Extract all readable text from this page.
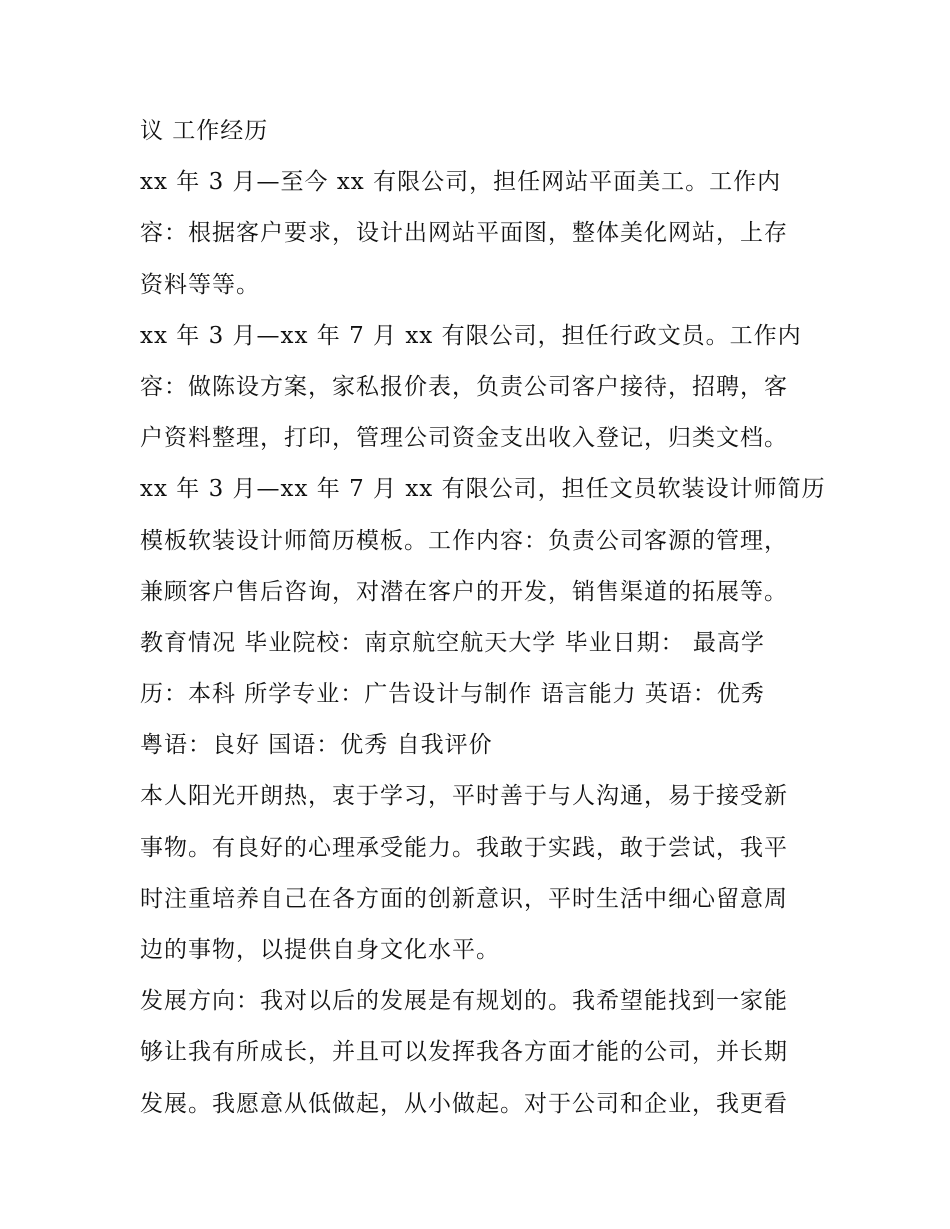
议 工作经历
xx 年 3 月—至今 xx 有限公司，担任网站平面美工。工作内
容：根据客户要求，设计出网站平面图，整体美化网站，上存
资料等等。
xx 年 3 月—xx 年 7 月 xx 有限公司，担任行政文员。工作内
容：做陈设方案，家私报价表，负责公司客户接待，招聘，客
户资料整理，打印，管理公司资金支出收入登记，归类文档。
xx 年 3 月—xx 年 7 月 xx 有限公司，担任文员软装设计师简历
模板软装设计师简历模板。工作内容：负责公司客源的管理，
兼顾客户售后咨询，对潜在客户的开发，销售渠道的拓展等。
教育情况 毕业院校：南京航空航天大学 毕业日期： 最高学
历：本科 所学专业：广告设计与制作 语言能力 英语：优秀
粤语：良好 国语：优秀 自我评价
本人阳光开朗热，衷于学习，平时善于与人沟通，易于接受新
事物。有良好的心理承受能力。我敢于实践，敢于尝试，我平
时注重培养自己在各方面的创新意识，平时生活中细心留意周
边的事物，以提供自身文化水平。
发展方向：我对以后的发展是有规划的。我希望能找到一家能
够让我有所成长，并且可以发挥我各方面才能的公司，并长期
发展。我愿意从低做起，从小做起。对于公司和企业，我更看
